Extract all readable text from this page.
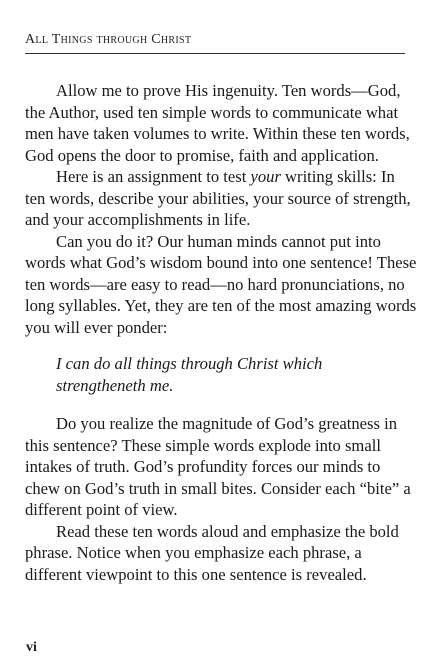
All Things through Christ

Allow me to prove His ingenuity. Ten words—God, the Author, used ten simple words to communicate what men have taken volumes to write. Within these ten words, God opens the door to promise, faith and application.

Here is an assignment to test your writing skills: In ten words, describe your abilities, your source of strength, and your accomplishments in life.

Can you do it? Our human minds cannot put into words what God’s wisdom bound into one sentence! These ten words—are easy to read—no hard pronunciations, no long syllables. Yet, they are ten of the most amazing words you will ever ponder:

I can do all things through Christ which strengtheneth me.

Do you realize the magnitude of God’s greatness in this sentence? These simple words explode into small intakes of truth. God’s profundity forces our minds to chew on God’s truth in small bites. Consider each “bite” a different point of view.

Read these ten words aloud and emphasize the bold phrase. Notice when you emphasize each phrase, a different viewpoint to this one sentence is revealed.

vi
